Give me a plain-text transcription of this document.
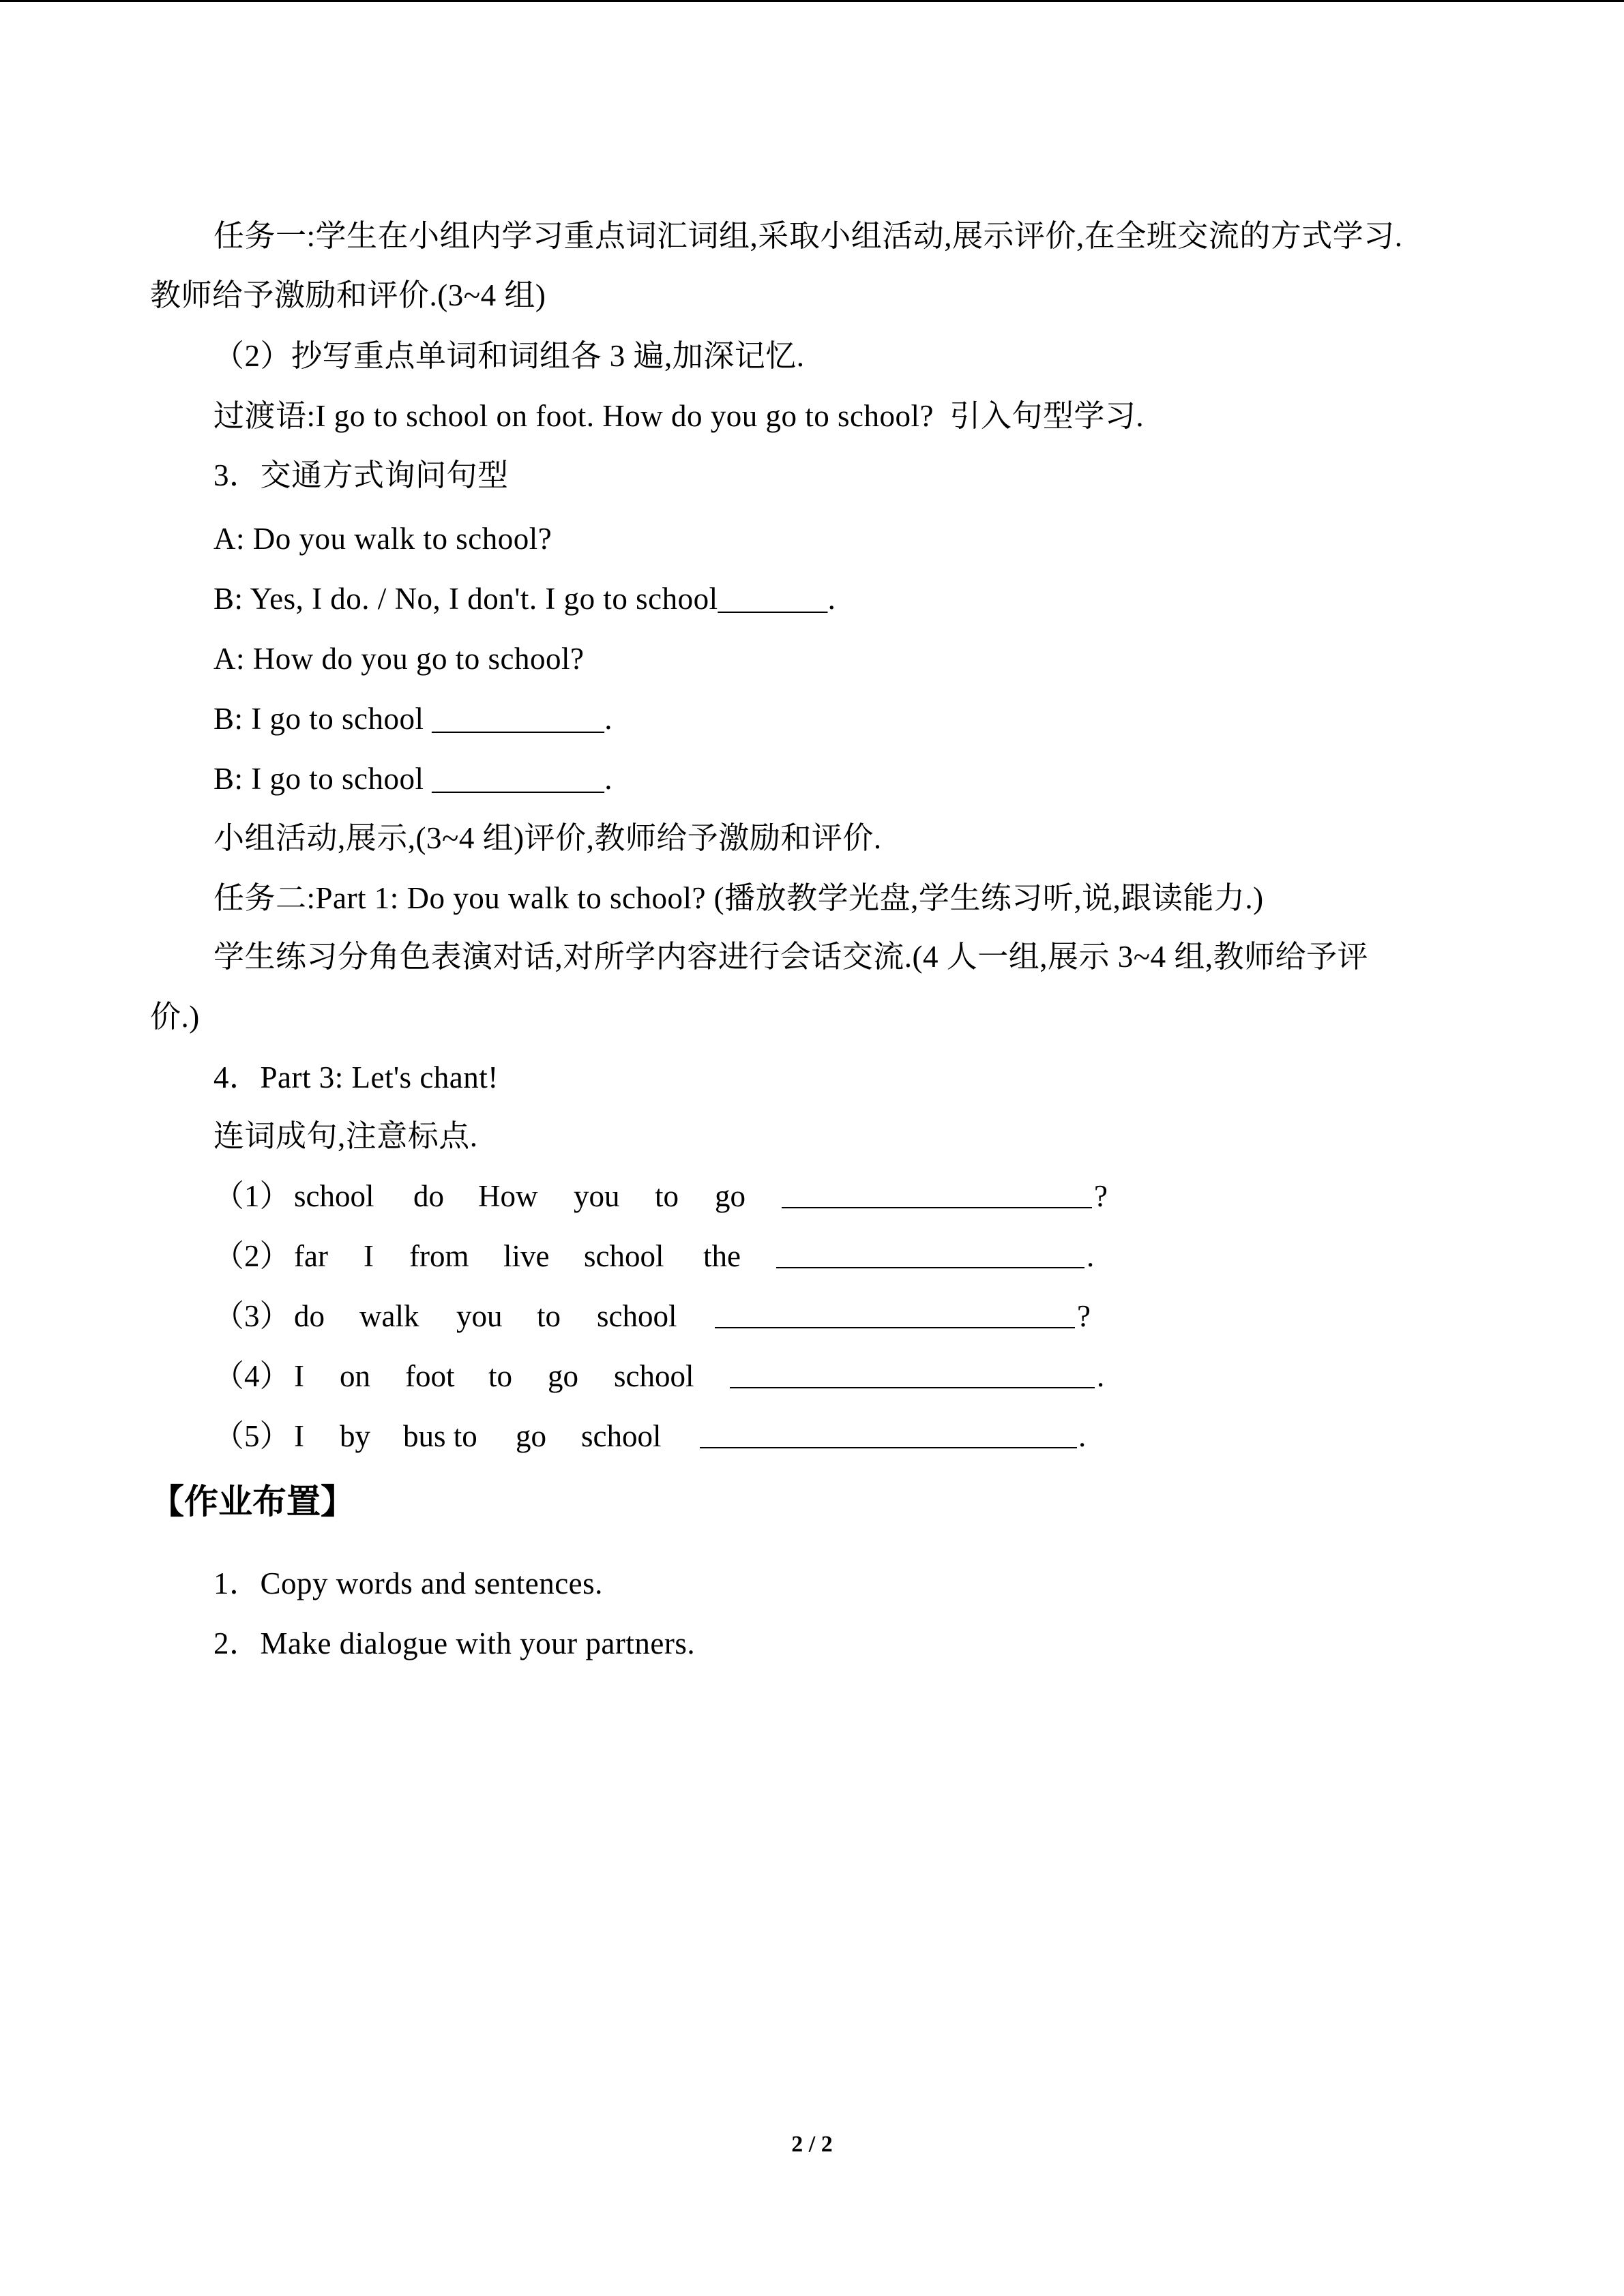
任务一:学生在小组内学习重点词汇词组,采取小组活动,展示评价,在全班交流的方式学习.

教师给予激励和评价.(3~4 组)

（2）抄写重点单词和词组各 3 遍,加深记忆.

过渡语:I go to school on foot. How do you go to school?  引入句型学习.

3．交通方式询问句型

A: Do you walk to school?

B: Yes, I do. / No, I don't. I go to school_______.

A: How do you go to school?

B: I go to school ___________.

B: I go to school ___________.

小组活动,展示,(3~4 组)评价,教师给予激励和评价.

任务二:Part 1: Do you walk to school? (播放教学光盘,学生练习听,说,跟读能力.)

学生练习分角色表演对话,对所学内容进行会话交流.(4 人一组,展示 3~4 组,教师给予评

价.)

4．Part 3: Let's chant!

连词成句,注意标点.

（1） school do How you to go	?
（2） far I from live school the	.
（3） do walk you to school	?
（4） I on foot to go school	.
（5） I by bus to go school	.

【作业布置】

1．Copy words and sentences.

2．Make dialogue with your partners.

2 / 2
